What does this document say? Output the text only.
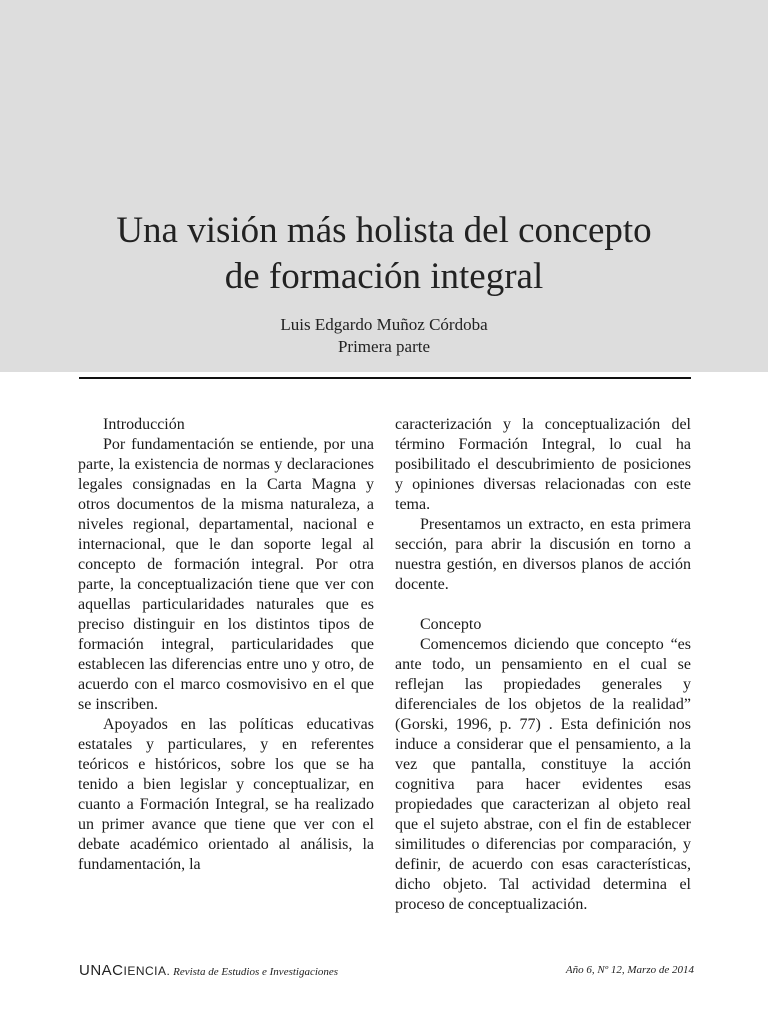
Una visión más holista del concepto
de formación integral

Luis Edgardo Muñoz Córdoba

Primera parte

Introducción

Por fundamentación se entiende, por una parte, la existencia de normas y declaraciones legales consignadas en la Carta Magna y otros documentos de la misma naturaleza, a niveles regional, departamental, nacional e internacional, que le dan soporte legal al concepto de formación integral. Por otra parte, la conceptualización tiene que ver con aquellas particularidades naturales que es preciso distinguir en los distintos tipos de formación integral, particularidades que establecen las diferencias entre uno y otro, de acuerdo con el marco cosmovisivo en el que se inscriben.

Apoyados en las políticas educativas estatales y particulares, y en referentes teóricos e históricos, sobre los que se ha tenido a bien legislar y conceptualizar, en cuanto a Formación Integral, se ha realizado un primer avance que tiene que ver con el debate académico orientado al análisis, la fundamentación, la

caracterización y la conceptualización del término Formación Integral, lo cual ha posibilitado el descubrimiento de posiciones y opiniones diversas relacionadas con este tema.

Presentamos un extracto, en esta primera sección, para abrir la discusión en torno a nuestra gestión, en diversos planos de acción docente.

Concepto

Comencemos diciendo que concepto “es ante todo, un pensamiento en el cual se reflejan las propiedades generales y diferenciales de los objetos de la realidad” (Gorski, 1996, p. 77) . Esta definición nos induce a considerar que el pensamiento, a la vez que pantalla, constituye la acción cognitiva para hacer evidentes esas propiedades que caracterizan al objeto real que el sujeto abstrae, con el fin de establecer similitudes o diferencias por comparación, y definir, de acuerdo con esas características, dicho objeto. Tal actividad determina el proceso de conceptualización.

UNACIENCIA. Revista de Estudios e Investigaciones	Año 6, Nº 12, Marzo de 2014
